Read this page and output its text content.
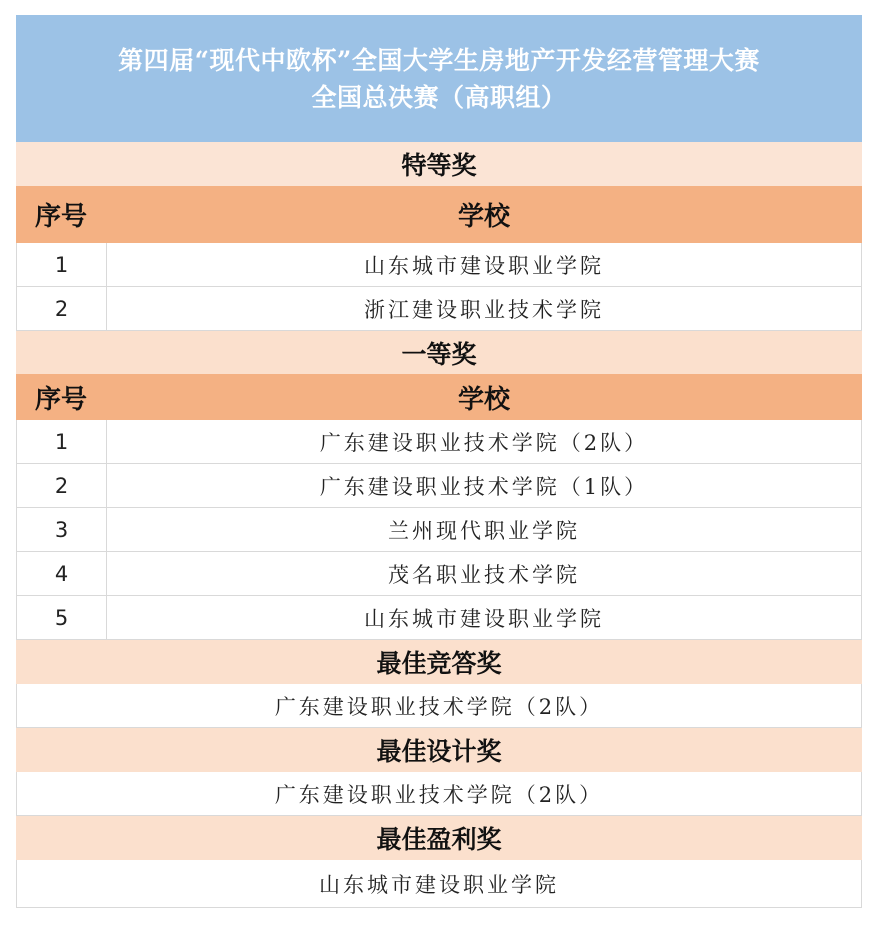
第四届“现代中欧杯”全国大学生房地产开发经营管理大赛
全国总决赛（高职组）
特等奖
序号	学校
1	山东城市建设职业学院
2	浙江建设职业技术学院
一等奖
序号	学校
1	广东建设职业技术学院（2队）
2	广东建设职业技术学院（1队）
3	兰州现代职业学院
4	茂名职业技术学院
5	山东城市建设职业学院
最佳竞答奖
广东建设职业技术学院（2队）
最佳设计奖
广东建设职业技术学院（2队）
最佳盈利奖
山东城市建设职业学院
